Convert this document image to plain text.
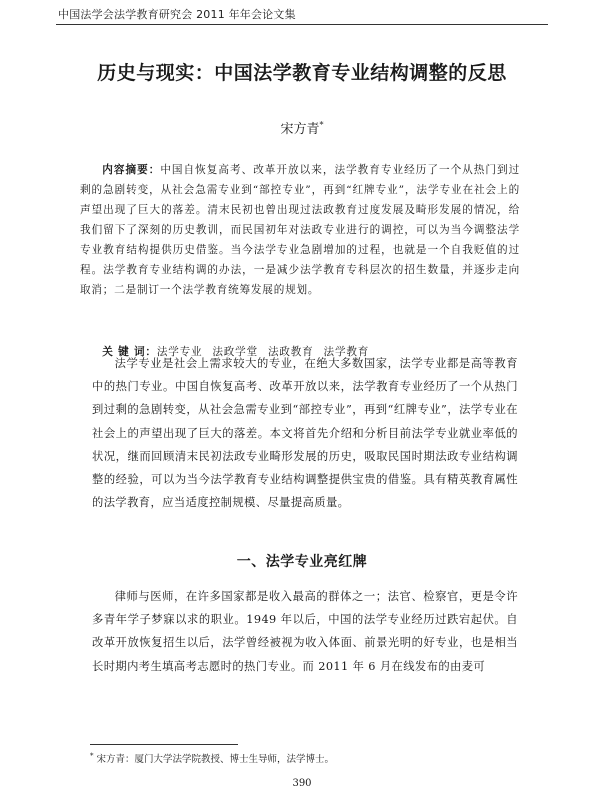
中国法学会法学教育研究会 2011 年年会论文集
历史与现实：中国法学教育专业结构调整的反思
宋方青*
内容摘要：中国自恢复高考、改革开放以来，法学教育专业经历了一个从热门到过剩的急剧转变，从社会急需专业到“部控专业”，再到“红牌专业”，法学专业在社会上的声望出现了巨大的落差。清末民初也曾出现过法政教育过度发展及畸形发展的情况，给我们留下了深刻的历史教训，而民国初年对法政专业进行的调控，可以为当今调整法学专业教育结构提供历史借鉴。当今法学专业急剧增加的过程，也就是一个自我贬值的过程。法学教育专业结构调的办法，一是减少法学教育专科层次的招生数量，并逐步走向取消；二是制订一个法学教育统筹发展的规划。
关 键 词：法学专业 法政学堂 法政教育 法学教育
法学专业是社会上需求较大的专业，在绝大多数国家，法学专业都是高等教育中的热门专业。中国自恢复高考、改革开放以来，法学教育专业经历了一个从热门到过剩的急剧转变，从社会急需专业到“部控专业”，再到“红牌专业”，法学专业在社会上的声望出现了巨大的落差。本文将首先介绍和分析目前法学专业就业率低的状况，继而回顾清末民初法政专业畸形发展的历史，吸取民国时期法政专业结构调整的经验，可以为当今法学教育专业结构调整提供宝贵的借鉴。具有精英教育属性的法学教育，应当适度控制规模、尽量提高质量。
一、法学专业亮红牌
律师与医师，在许多国家都是收入最高的群体之一；法官、检察官，更是令许多青年学子梦寐以求的职业。1949 年以后，中国的法学专业经历过跌宕起伏。自改革开放恢复招生以后，法学曾经被视为收入体面、前景光明的好专业，也是相当长时期内考生填高考志愿时的热门专业。而 2011 年 6 月在线发布的由麦可
* 宋方青：厦门大学法学院教授、博士生导师，法学博士。
390
